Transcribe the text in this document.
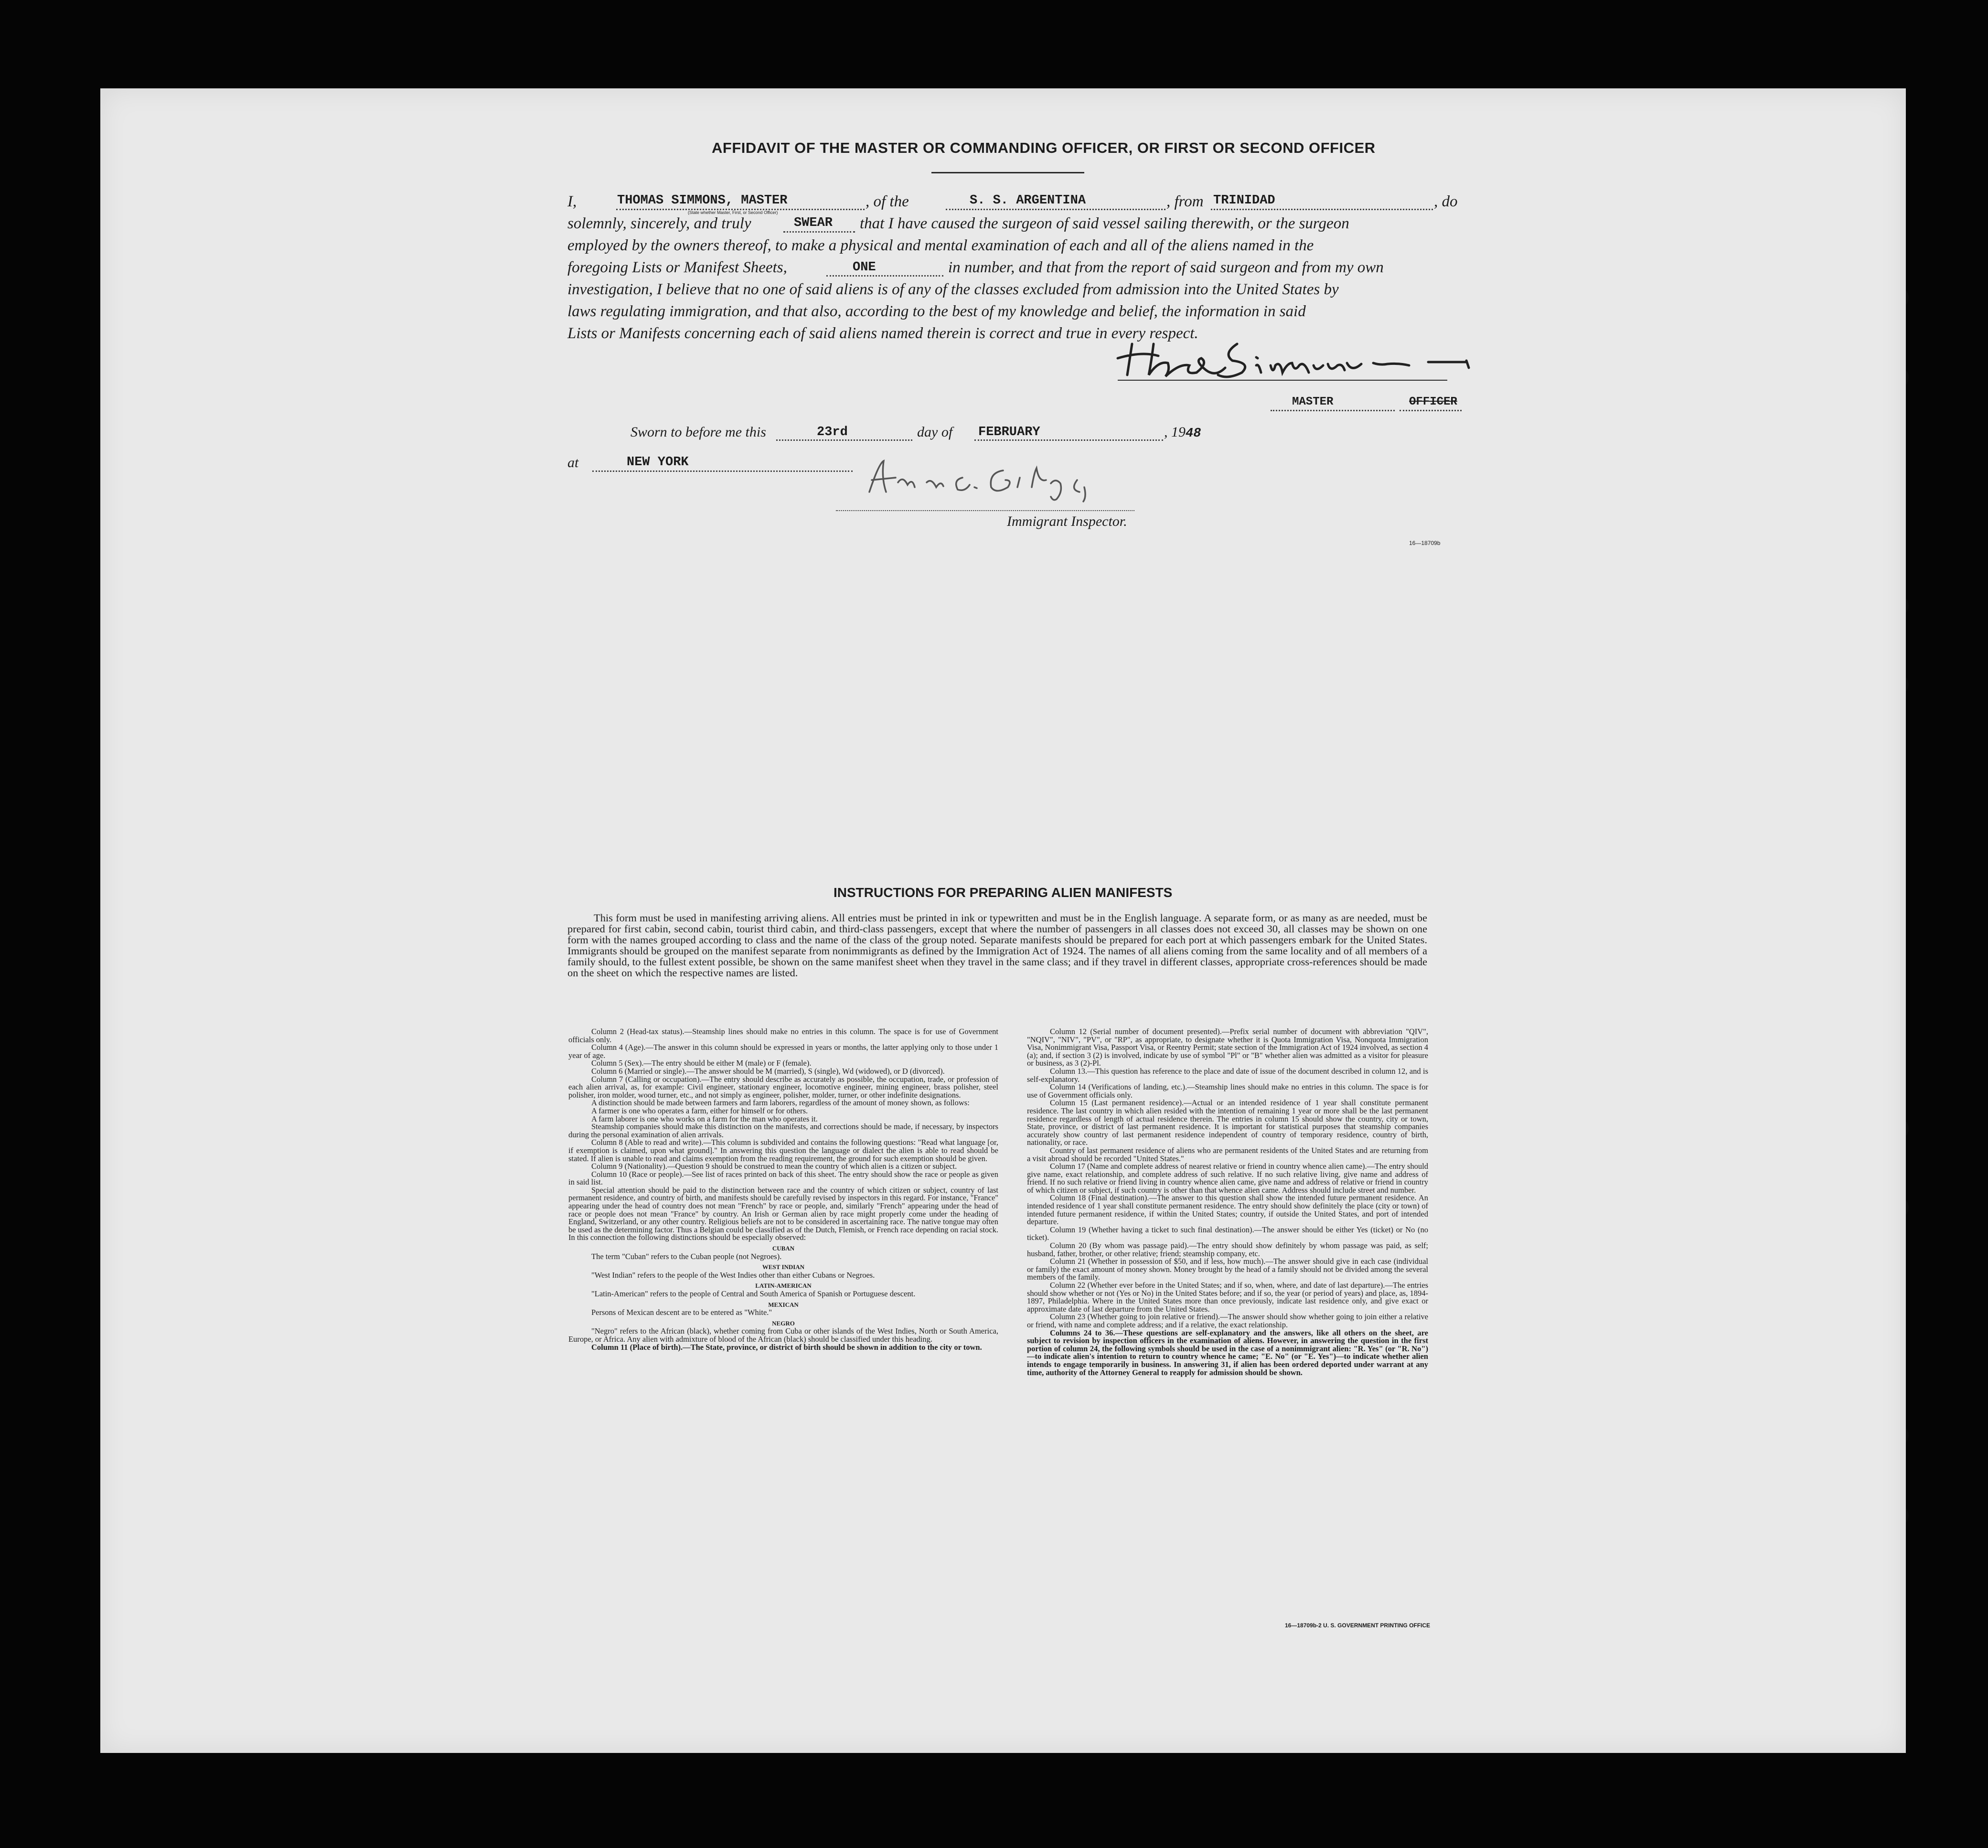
AFFIDAVIT OF THE MASTER OR COMMANDING OFFICER, OR FIRST OR SECOND OFFICER
I,	THOMAS SIMMONS, MASTER
(State whether Master, First, or Second Officer)
, of the	S. S. ARGENTINA	, from TRINIDAD	, do
solemnly, sincerely, and truly	SWEAR that I have caused the surgeon of said vessel sailing therewith, or the surgeon
employed by the owners thereof, to make a physical and mental examination of each and all of the aliens named in the
foregoing Lists or Manifest Sheets,	ONE	in number, and that from the report of said surgeon and from my own
investigation, I believe that no one of said aliens is of any of the classes excluded from admission into the United States by
laws regulating immigration, and that also, according to the best of my knowledge and belief, the information in said
Lists or Manifests concerning each of said aliens named therein is correct and true in every respect.
MASTER	OFFICER
Sworn to before me this	23rd	day of FEBRUARY	, 1948
at	NEW YORK
Immigrant Inspector.
16—18709b
INSTRUCTIONS FOR PREPARING ALIEN MANIFESTS
This form must be used in manifesting arriving aliens. All entries must be printed in ink or typewritten and must be in the English language. A separate form, or as many as are needed, must be prepared for first cabin, second cabin, tourist third cabin, and third-class passengers, except that where the number of passengers in all classes does not exceed 30, all classes may be shown on one form with the names grouped according to class and the name of the class of the group noted. Separate manifests should be prepared for each port at which passengers embark for the United States. Immigrants should be grouped on the manifest separate from nonimmigrants as defined by the Immigration Act of 1924. The names of all aliens coming from the same locality and of all members of a family should, to the fullest extent possible, be shown on the same manifest sheet when they travel in the same class; and if they travel in different classes, appropriate cross-references should be made on the sheet on which the respective names are listed.

Column 2 (Head-tax status).—Steamship lines should make no entries in this column. The space is for use of Government officials only.

Column 4 (Age).—The answer in this column should be expressed in years or months, the latter applying only to those under 1 year of age.

Column 5 (Sex).—The entry should be either M (male) or F (female).

Column 6 (Married or single).—The answer should be M (married), S (single), Wd (widowed), or D (divorced).

Column 7 (Calling or occupation).—The entry should describe as accurately as possible, the occupation, trade, or profession of each alien arrival, as, for example: Civil engineer, stationary engineer, locomotive engineer, mining engineer, brass polisher, steel polisher, iron molder, wood turner, etc., and not simply as engineer, polisher, molder, turner, or other indefinite designations.

A distinction should be made between farmers and farm laborers, regardless of the amount of money shown, as follows:

A farmer is one who operates a farm, either for himself or for others.

A farm laborer is one who works on a farm for the man who operates it.

Steamship companies should make this distinction on the manifests, and corrections should be made, if necessary, by inspectors during the personal examination of alien arrivals.

Column 8 (Able to read and write).—This column is subdivided and contains the following questions: "Read what language [or, if exemption is claimed, upon what ground]." In answering this question the language or dialect the alien is able to read should be stated. If alien is unable to read and claims exemption from the reading requirement, the ground for such exemption should be given.

Column 9 (Nationality).—Question 9 should be construed to mean the country of which alien is a citizen or subject.

Column 10 (Race or people).—See list of races printed on back of this sheet. The entry should show the race or people as given in said list.

Special attention should be paid to the distinction between race and the country of which citizen or subject, country of last permanent residence, and country of birth, and manifests should be carefully revised by inspectors in this regard. For instance, "France" appearing under the head of country does not mean "French" by race or people, and, similarly "French" appearing under the head of race or people does not mean "France" by country. An Irish or German alien by race might properly come under the heading of England, Switzerland, or any other country. Religious beliefs are not to be considered in ascertaining race. The native tongue may often be used as the determining factor. Thus a Belgian could be classified as of the Dutch, Flemish, or French race depending on racial stock. In this connection the following distinctions should be especially observed:

CUBAN

The term "Cuban" refers to the Cuban people (not Negroes).

WEST INDIAN

"West Indian" refers to the people of the West Indies other than either Cubans or Negroes.

LATIN-AMERICAN

"Latin-American" refers to the people of Central and South America of Spanish or Portuguese descent.

MEXICAN

Persons of Mexican descent are to be entered as "White."

NEGRO

"Negro" refers to the African (black), whether coming from Cuba or other islands of the West Indies, North or South America, Europe, or Africa. Any alien with admixture of blood of the African (black) should be classified under this heading.

Column 11 (Place of birth).—The State, province, or district of birth should be shown in addition to the city or town.

Column 12 (Serial number of document presented).—Prefix serial number of document with abbreviation "QIV", "NQIV", "NIV", "PV", or "RP", as appropriate, to designate whether it is Quota Immigration Visa, Nonquota Immigration Visa, Nonimmigrant Visa, Passport Visa, or Reentry Permit; state section of the Immigration Act of 1924 involved, as section 4 (a); and, if section 3 (2) is involved, indicate by use of symbol "Pl" or "B" whether alien was admitted as a visitor for pleasure or business, as 3 (2)-Pl.

Column 13.—This question has reference to the place and date of issue of the document described in column 12, and is self-explanatory.

Column 14 (Verifications of landing, etc.).—Steamship lines should make no entries in this column. The space is for use of Government officials only.

Column 15 (Last permanent residence).—Actual or an intended residence of 1 year shall constitute permanent residence. The last country in which alien resided with the intention of remaining 1 year or more shall be the last permanent residence regardless of length of actual residence therein. The entries in column 15 should show the country, city or town, State, province, or district of last permanent residence. It is important for statistical purposes that steamship companies accurately show country of last permanent residence independent of country of temporary residence, country of birth, nationality, or race.

Country of last permanent residence of aliens who are permanent residents of the United States and are returning from a visit abroad should be recorded "United States."

Column 17 (Name and complete address of nearest relative or friend in country whence alien came).—The entry should give name, exact relationship, and complete address of such relative. If no such relative living, give name and address of friend. If no such relative or friend living in country whence alien came, give name and address of relative or friend in country of which citizen or subject, if such country is other than that whence alien came. Address should include street and number.

Column 18 (Final destination).—The answer to this question shall show the intended future permanent residence. An intended residence of 1 year shall constitute permanent residence. The entry should show definitely the place (city or town) of intended future permanent residence, if within the United States; country, if outside the United States, and port of intended departure.

Column 19 (Whether having a ticket to such final destination).—The answer should be either Yes (ticket) or No (no ticket).

Column 20 (By whom was passage paid).—The entry should show definitely by whom passage was paid, as self; husband, father, brother, or other relative; friend; steamship company, etc.

Column 21 (Whether in possession of $50, and if less, how much).—The answer should give in each case (individual or family) the exact amount of money shown. Money brought by the head of a family should not be divided among the several members of the family.

Column 22 (Whether ever before in the United States; and if so, when, where, and date of last departure).—The entries should show whether or not (Yes or No) in the United States before; and if so, the year (or period of years) and place, as, 1894-1897, Philadelphia. Where in the United States more than once previously, indicate last residence only, and give exact or approximate date of last departure from the United States.

Column 23 (Whether going to join relative or friend).—The answer should show whether going to join either a relative or friend, with name and complete address; and if a relative, the exact relationship.

Columns 24 to 36.—These questions are self-explanatory and the answers, like all others on the sheet, are subject to revision by inspection officers in the examination of aliens. However, in answering the question in the first portion of column 24, the following symbols should be used in the case of a nonimmigrant alien: "R. Yes" (or "R. No")—to indicate alien's intention to return to country whence he came; "E. No" (or "E. Yes")—to indicate whether alien intends to engage temporarily in business. In answering 31, if alien has been ordered deported under warrant at any time, authority of the Attorney General to reapply for admission should be shown.

16—18709b-2 U. S. GOVERNMENT PRINTING OFFICE
